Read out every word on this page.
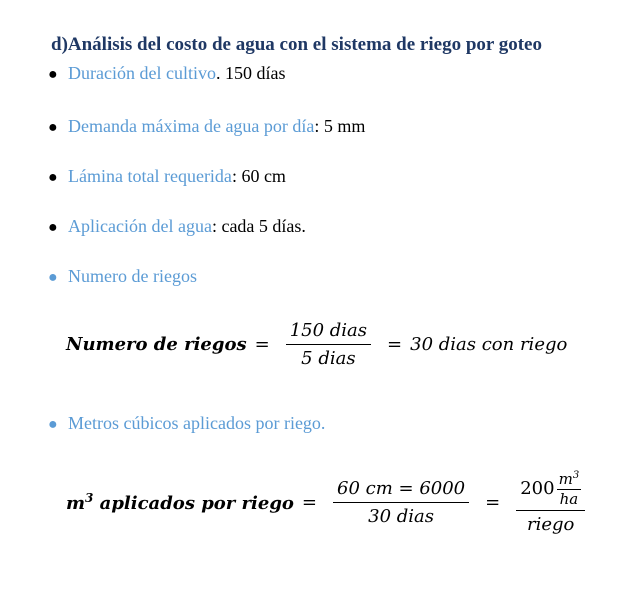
d)Análisis del costo de agua con el sistema de riego por goteo
● Duración del cultivo . 150 días
● Demanda máxima de agua por día : 5 mm
● Lámina total requerida : 60 cm
● Aplicación del agua : cada 5 días.
● Numero de riegos
● Metros cúbicos aplicados por riego.
Numero de riegos = $\frac{\text{150 dias}}{\text{5 dias}} = 30$ dias con riego
$m^3$ aplicados por riego = $\frac{60 cm = 6000}{\text{30 dias}} = \frac{200 \frac{m^3}{ha}}{\text{riego}}$
